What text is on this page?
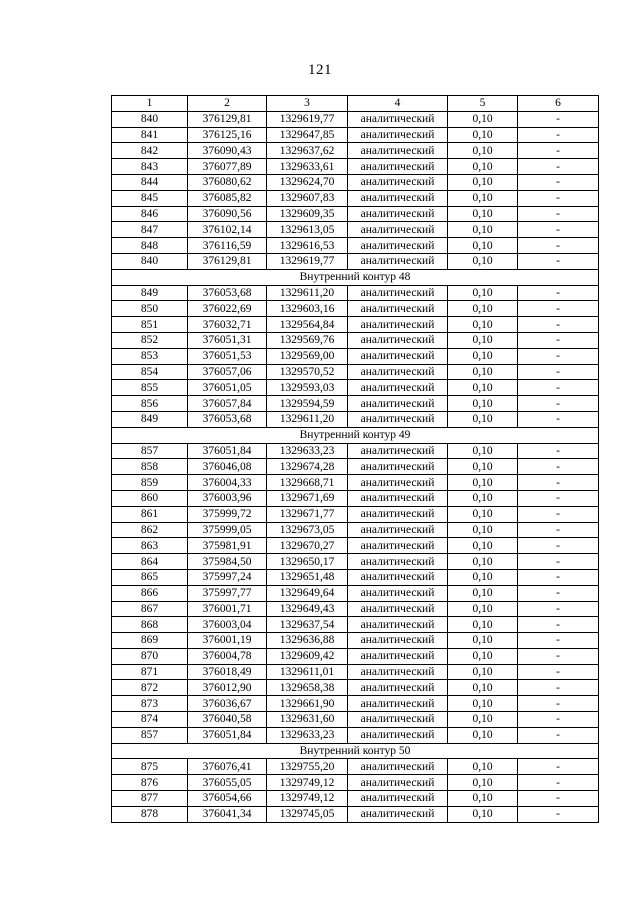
121
1	2	3	4	5	6
840	376129,81	1329619,77	аналитический	0,10	-
841	376125,16	1329647,85	аналитический	0,10	-
842	376090,43	1329637,62	аналитический	0,10	-
843	376077,89	1329633,61	аналитический	0,10	-
844	376080,62	1329624,70	аналитический	0,10	-
845	376085,82	1329607,83	аналитический	0,10	-
846	376090,56	1329609,35	аналитический	0,10	-
847	376102,14	1329613,05	аналитический	0,10	-
848	376116,59	1329616,53	аналитический	0,10	-
840	376129,81	1329619,77	аналитический	0,10	-
Внутренний контур 48					
849	376053,68	1329611,20	аналитический	0,10	-
850	376022,69	1329603,16	аналитический	0,10	-
851	376032,71	1329564,84	аналитический	0,10	-
852	376051,31	1329569,76	аналитический	0,10	-
853	376051,53	1329569,00	аналитический	0,10	-
854	376057,06	1329570,52	аналитический	0,10	-
855	376051,05	1329593,03	аналитический	0,10	-
856	376057,84	1329594,59	аналитический	0,10	-
849	376053,68	1329611,20	аналитический	0,10	-
Внутренний контур 49					
857	376051,84	1329633,23	аналитический	0,10	-
858	376046,08	1329674,28	аналитический	0,10	-
859	376004,33	1329668,71	аналитический	0,10	-
860	376003,96	1329671,69	аналитический	0,10	-
861	375999,72	1329671,77	аналитический	0,10	-
862	375999,05	1329673,05	аналитический	0,10	-
863	375981,91	1329670,27	аналитический	0,10	-
864	375984,50	1329650,17	аналитический	0,10	-
865	375997,24	1329651,48	аналитический	0,10	-
866	375997,77	1329649,64	аналитический	0,10	-
867	376001,71	1329649,43	аналитический	0,10	-
868	376003,04	1329637,54	аналитический	0,10	-
869	376001,19	1329636,88	аналитический	0,10	-
870	376004,78	1329609,42	аналитический	0,10	-
871	376018,49	1329611,01	аналитический	0,10	-
872	376012,90	1329658,38	аналитический	0,10	-
873	376036,67	1329661,90	аналитический	0,10	-
874	376040,58	1329631,60	аналитический	0,10	-
857	376051,84	1329633,23	аналитический	0,10	-
Внутренний контур 50					
875	376076,41	1329755,20	аналитический	0,10	-
876	376055,05	1329749,12	аналитический	0,10	-
877	376054,66	1329749,12	аналитический	0,10	-
878	376041,34	1329745,05	аналитический	0,10	-
